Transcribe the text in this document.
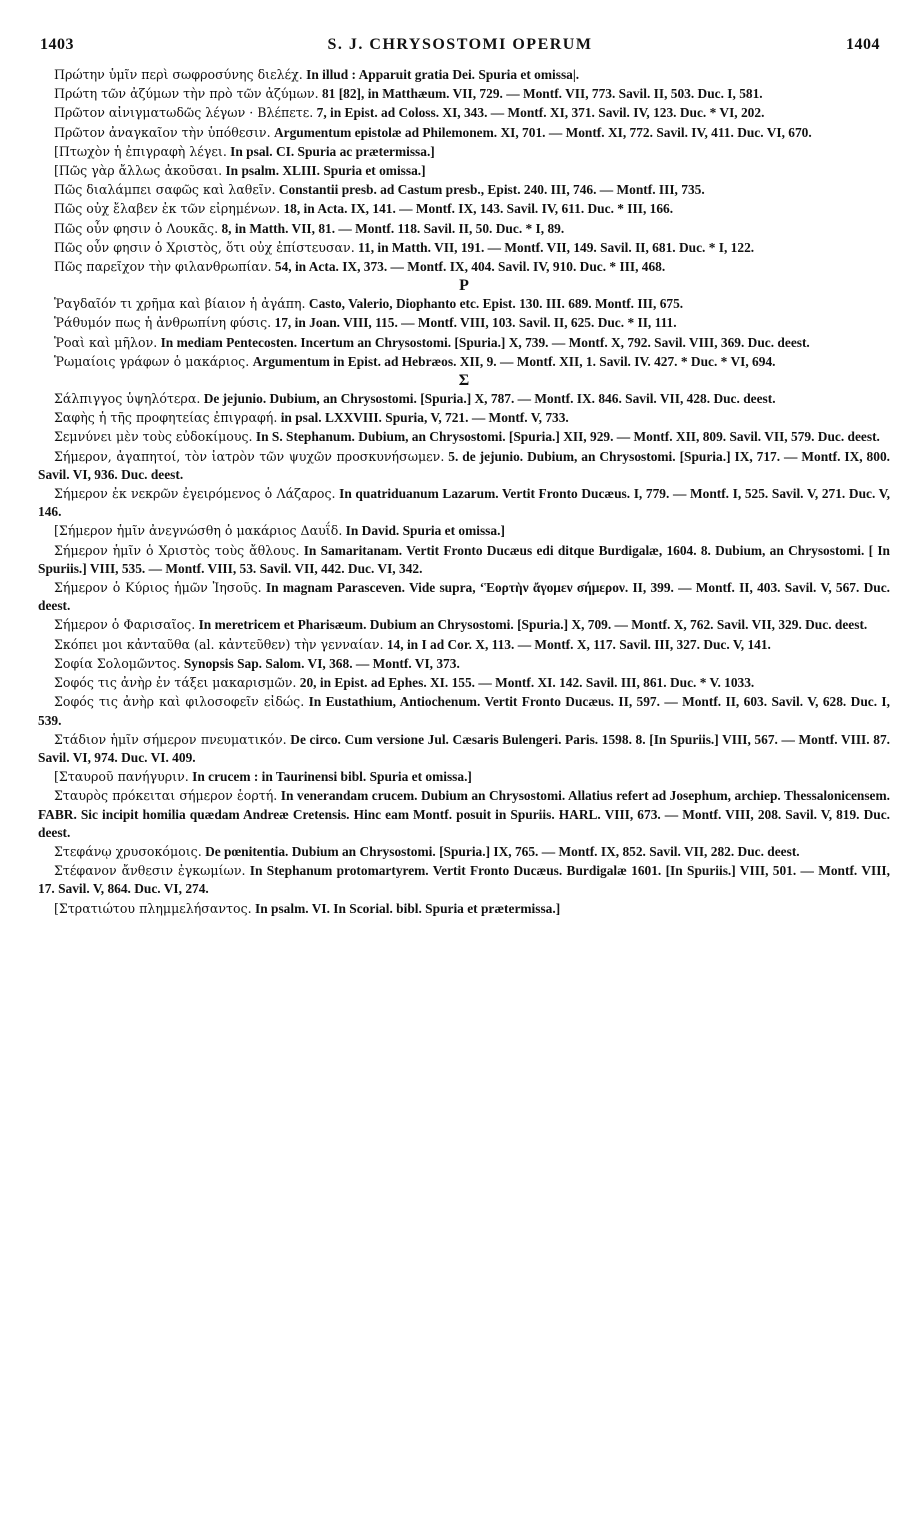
1403	S. J. CHRYSOSTOMI OPERUM	1404
Πρώτην ὑμῖν περὶ σωφροσύνης διελέχ. In illud : Apparuit gratia Dei. Spuria et omissa|.
Πρώτη τῶν ἀζύμων τὴν πρὸ τῶν ἀζύμων. 81 [82], in Matthæum. VII, 729. — Montf. VII, 773. Savil. II, 503. Duc. I, 581.
Πρῶτον αἰνιγματωδῶς λέγων · Βλέπετε. 7, in Epist. ad Coloss. XI, 343. — Montf. XI, 371. Savil. IV, 123. Duc. * VI, 202.
Πρῶτον ἀναγκαῖον τὴν ὑπόθεσιν. Argumentum epistolæ ad Philemonem. XI, 701. — Montf. XI, 772. Savil. IV, 411. Duc. VI, 670.
[Πτωχὸν ἡ ἐπιγραφὴ λέγει. In psal. CI. Spuria ac prætermissa.]
[Πῶς γὰρ ἄλλως ἀκοῦσαι. In psalm. XLIII. Spuria et omissa.]
Πῶς διαλάμπει σαφῶς καὶ λαθεῖν. Constantii presb. ad Castum presb., Epist. 240. III, 746. — Montf. III, 735.
Πῶς οὐχ ἔλαβεν ἐκ τῶν εἰρημένων. 18, in Acta. IX, 141. — Montf. IX, 143. Savil. IV, 611. Duc. * III, 166.
Πῶς οὖν φησιν ὁ Λουκᾶς. 8, in Matth. VII, 81. — Montf. 118. Savil. II, 50. Duc. * I, 89.
Πῶς οὖν φησιν ὁ Χριστὸς, ὅτι οὐχ ἐπίστευσαν. 11, in Matth. VII, 191. — Montf. VII, 149. Savil. II, 681. Duc. * I, 122.
Πῶς παρεῖχον τὴν φιλανθρωπίαν. 54, in Acta. IX, 373. — Montf. IX, 404. Savil. IV, 910. Duc. * III, 468.
P
Ῥαγδαῖόν τι χρῆμα καὶ βίαιον ἡ ἀγάπη. Casto, Valerio, Diophanto etc. Epist. 130. III. 689. Montf. III, 675.
Ῥάθυμόν πως ἡ ἀνθρωπίνη φύσις. 17, in Joan. VIII, 115. — Montf. VIII, 103. Savil. II, 625. Duc. * II, 111.
Ῥοαὶ καὶ μῆλον. In mediam Pentecosten. Incertum an Chrysostomi. [Spuria.] X, 739. — Montf. X, 792. Savil. VIII, 369. Duc. deest.
Ῥωμαίοις γράφων ὁ μακάριος. Argumentum in Epist. ad Hebræos. XII, 9. — Montf. XII, 1. Savil. IV. 427. * Duc. * VI, 694.
Σ
Σάλπιγγος ὑψηλότερα. De jejunio. Dubium, an Chrysostomi. [Spuria.] X, 787. — Montf. IX. 846. Savil. VII, 428. Duc. deest.
Σαφὴς ἡ τῆς προφητείας ἐπιγραφή. in psal. LXXVIII. Spuria, V, 721. — Montf. V, 733.
Σεμνύνει μὲν τοὺς εὐδοκίμους. In S. Stephanum. Dubium, an Chrysostomi. [Spuria.] XII, 929. — Montf. XII, 809. Savil. VII, 579. Duc. deest.
Σήμερον, ἀγαπητοί, τὸν ἰατρὸν τῶν ψυχῶν προσκυνήσωμεν. 5. de jejunio. Dubium, an Chrysostomi. [Spuria.] IX, 717. — Montf. IX, 800. Savil. VI, 936. Duc. deest.
Σήμερον ἐκ νεκρῶν ἐγειρόμενος ὁ Λάζαρος. In quatriduanum Lazarum. Vertit Fronto Ducæus. I, 779. — Montf. I, 525. Savil. V, 271. Duc. V, 146.
[Σήμερον ἡμῖν ἀνεγνώσθη ὁ μακάριος Δαυΐδ. In David. Spuria et omissa.]
Σήμερον ἡμῖν ὁ Χριστὸς τοὺς ἄθλους. In Samaritanam. Vertit Fronto Ducæus edi ditque Burdigalæ, 1604. 8. Dubium, an Chrysostomi. [ In Spuriis.] VIII, 535. — Montf. VIII, 53. Savil. VII, 442. Duc. VI, 342.
Σήμερον ὁ Κύριος ἡμῶν Ἰησοῦς. In magnam Parasceven. Vide supra, ‘Ἑορτὴν ἄγομεν σήμερον. II, 399. — Montf. II, 403. Savil. V, 567. Duc. deest.
Σήμερον ὁ Φαρισαῖος. In meretricem et Pharisæum. Dubium an Chrysostomi. [Spuria.] X, 709. — Montf. X, 762. Savil. VII, 329. Duc. deest.
Σκόπει μοι κἀνταῦθα (al. κἀντεῦθεν) τὴν γενναίαν. 14, in I ad Cor. X, 113. — Montf. X, 117. Savil. III, 327. Duc. V, 141.
Σοφία Σολομῶντος. Synopsis Sap. Salom. VI, 368. — Montf. VI, 373.
Σοφός τις ἀνὴρ ἐν τάξει μακαρισμῶν. 20, in Epist. ad Ephes. XI. 155. — Montf. XI. 142. Savil. III, 861. Duc. * V. 1033.
Σοφός τις ἀνὴρ καὶ φιλοσοφεῖν εἰδώς. In Eustathium, Antiochenum. Vertit Fronto Ducæus. II, 597. — Montf. II, 603. Savil. V, 628. Duc. I, 539.
Στάδιον ἡμῖν σήμερον πνευματικόν. De circo. Cum versione Jul. Cæsaris Bulengeri. Paris. 1598. 8. [In Spuriis.] VIII, 567. — Montf. VIII. 87. Savil. VI, 974. Duc. VI. 409.
[Σταυροῦ πανήγυριν. In crucem : in Taurinensi bibl. Spuria et omissa.]
Σταυρὸς πρόκειται σήμερον ἑορτή. In venerandam crucem. Dubium an Chrysostomi. Allatius refert ad Josephum, archiep. Thessalonicensem. FABR. Sic incipit homilia quædam Andreæ Cretensis. Hinc eam Montf. posuit in Spuriis. HARL. VIII, 673. — Montf. VIII, 208. Savil. V, 819. Duc. deest.
Στεφάνῳ χρυσοκόμοις. De pœnitentia. Dubium an Chrysostomi. [Spuria.] IX, 765. — Montf. IX, 852. Savil. VII, 282. Duc. deest.
Στέφανον ἄνθεσιν ἐγκωμίων. In Stephanum protomartyrem. Vertit Fronto Ducæus. Burdigalæ 1601. [In Spuriis.] VIII, 501. — Montf. VIII, 17. Savil. V, 864. Duc. VI, 274.
[Στρατιώτου πλημμελήσαντος. In psalm. VI. In Scorial. bibl. Spuria et prætermissa.]
